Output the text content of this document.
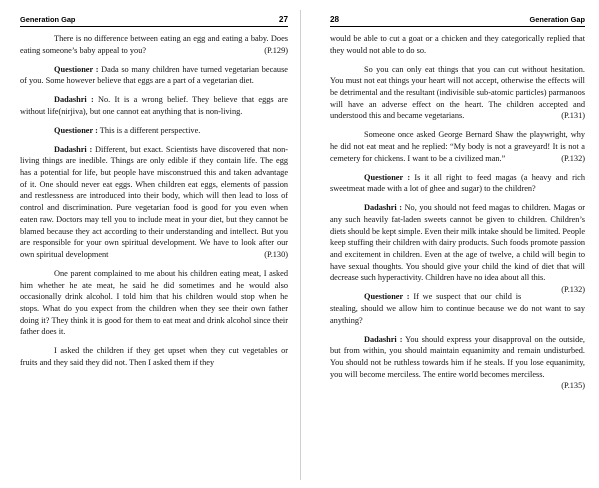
Generation Gap	27

There is no difference between eating an egg and eating a baby. Does eating someone’s baby appeal to you?	(P.129)

Questioner : Dada so many children have turned vegetarian because of you. Some however believe that eggs are a part of a vegetarian diet.

Dadashri : No. It is a wrong belief. They believe that eggs are without life(nirjiva), but one cannot eat anything that is non-living.

Questioner : This is a different perspective.

Dadashri : Different, but exact. Scientists have discovered that non-living things are inedible. Things are only edible if they contain life. The egg has a potential for life, but people have misconstrued this and taken advantage of it. One should never eat eggs. When children eat eggs, elements of passion and restlessness are introduced into their body, which will then lead to loss of control and discrimination. Pure vegetarian food is good for you even when eaten raw. Doctors may tell you to include meat in your diet, but they cannot be blamed because they act according to their understanding and intellect. But you are responsible for your own spiritual development. We have to look after our own spiritual development	(P.130)

One parent complained to me about his children eating meat, I asked him whether he ate meat, he said he did sometimes and he would also occasionally drink alcohol. I told him that his children would stop when he stops. What do you expect from the children when they see their own father doing it? They think it is good for them to eat meat and drink alcohol since their father does it.

I asked the children if they get upset when they cut vegetables or fruits and they said they did not. Then I asked them if they

28	Generation Gap

would be able to cut a goat or a chicken and they categorically replied that they would not able to do so.

So you can only eat things that you can cut without hesitation. You must not eat things your heart will not accept, otherwise the effects will be detrimental and the resultant (indivisible sub-atomic particles) parmanoos will have an adverse effect on the heart. The children accepted and understood this and became vegetarians.	(P.131)

Someone once asked George Bernard Shaw the playwright, why he did not eat meat and he replied: “My body is not a graveyard! It is not a cemetery for chickens. I want to be a civilized man.”	(P.132)

Questioner : Is it all right to feed magas (a heavy and rich sweetmeat made with a lot of ghee and sugar) to the children?

Dadashri : No, you should not feed magas to children. Magas or any such heavily fat-laden sweets cannot be given to children. Children’s diets should be kept simple. Even their milk intake should be limited. People keep stuffing their children with dairy products. Such foods promote passion and excitement in children. Even at the age of twelve, a child will begin to have sexual thoughts. You should give your child the kind of diet that will decrease such hyperactivity. Children have no idea about all this.
(P.132)

Questioner : If we suspect that our child is stealing, should we allow him to continue because we do not want to say anything?

Dadashri : You should express your disapproval on the outside, but from within, you should maintain equanimity and remain undisturbed. You should not be ruthless towards him if he steals. If you lose equanimity, you will become merciless. The entire world becomes merciless.
(P.135)
